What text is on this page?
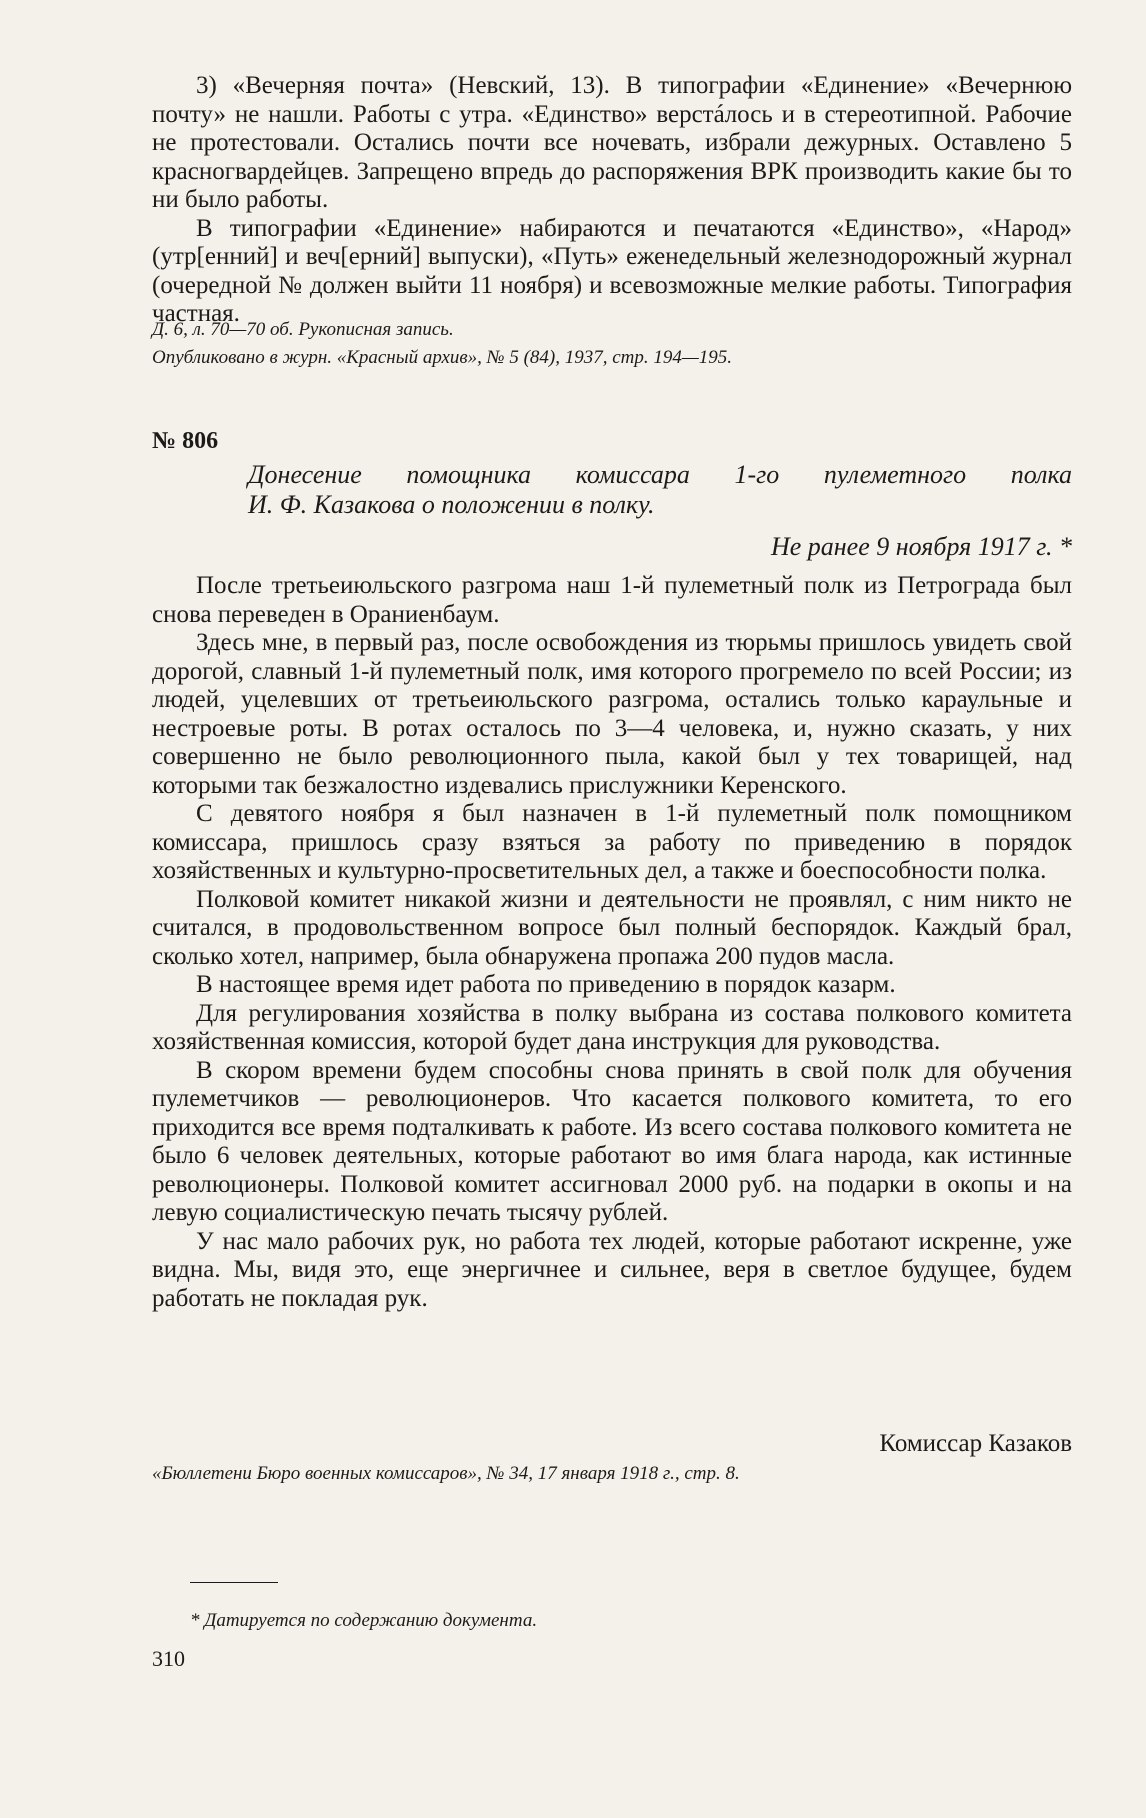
3) «Вечерняя почта» (Невский, 13). В типографии «Единение» «Вечернюю почту» не нашли. Работы с утра. «Единство» верстáлось и в стереотипной. Рабочие не протестовали. Остались почти все ночевать, избрали дежурных. Оставлено 5 красногвардейцев. Запрещено впредь до распоряжения ВРК производить какие бы то ни было работы.

В типографии «Единение» набираются и печатаются «Единство», «Народ» (утр[енний] и веч[ерний] выпуски), «Путь» еженедельный железнодорожный журнал (очередной № должен выйти 11 ноября) и всевозможные мелкие работы. Типография частная.

Д. 6, л. 70—70 об. Рукописная запись.
Опубликовано в журн. «Красный архив», № 5 (84), 1937, стр. 194—195.
№ 806
Донесение помощника комиссара 1-го пулеметного полка
И. Ф. Казакова о положении в полку.
Не ранее 9 ноября 1917 г. *

После третьеиюльского разгрома наш 1-й пулеметный полк из Петрограда был снова переведен в Ораниенбаум.

Здесь мне, в первый раз, после освобождения из тюрьмы пришлось увидеть свой дорогой, славный 1-й пулеметный полк, имя которого прогремело по всей России; из людей, уцелевших от третьеиюльского разгрома, остались только караульные и нестроевые роты. В ротах осталось по 3—4 человека, и, нужно сказать, у них совершенно не было революционного пыла, какой был у тех товарищей, над которыми так безжалостно издевались прислужники Керенского.

С девятого ноября я был назначен в 1-й пулеметный полк помощником комиссара, пришлось сразу взяться за работу по приведению в порядок хозяйственных и культурно-просветительных дел, а также и боеспособности полка.

Полковой комитет никакой жизни и деятельности не проявлял, с ним никто не считался, в продовольственном вопросе был полный беспорядок. Каждый брал, сколько хотел, например, была обнаружена пропажа 200 пудов масла.

В настоящее время идет работа по приведению в порядок казарм.

Для регулирования хозяйства в полку выбрана из состава полкового комитета хозяйственная комиссия, которой будет дана инструкция для руководства.

В скором времени будем способны снова принять в свой полк для обучения пулеметчиков — революционеров. Что касается полкового комитета, то его приходится все время подталкивать к работе. Из всего состава полкового комитета не было 6 человек деятельных, которые работают во имя блага народа, как истинные революционеры. Полковой комитет ассигновал 2000 руб. на подарки в окопы и на левую социалистическую печать тысячу рублей.

У нас мало рабочих рук, но работа тех людей, которые работают искренне, уже видна. Мы, видя это, еще энергичнее и сильнее, веря в светлое будущее, будем работать не покладая рук.

Комиссар Казаков
«Бюллетени Бюро военных комиссаров», № 34, 17 января 1918 г., стр. 8.
* Датируется по содержанию документа.
310
